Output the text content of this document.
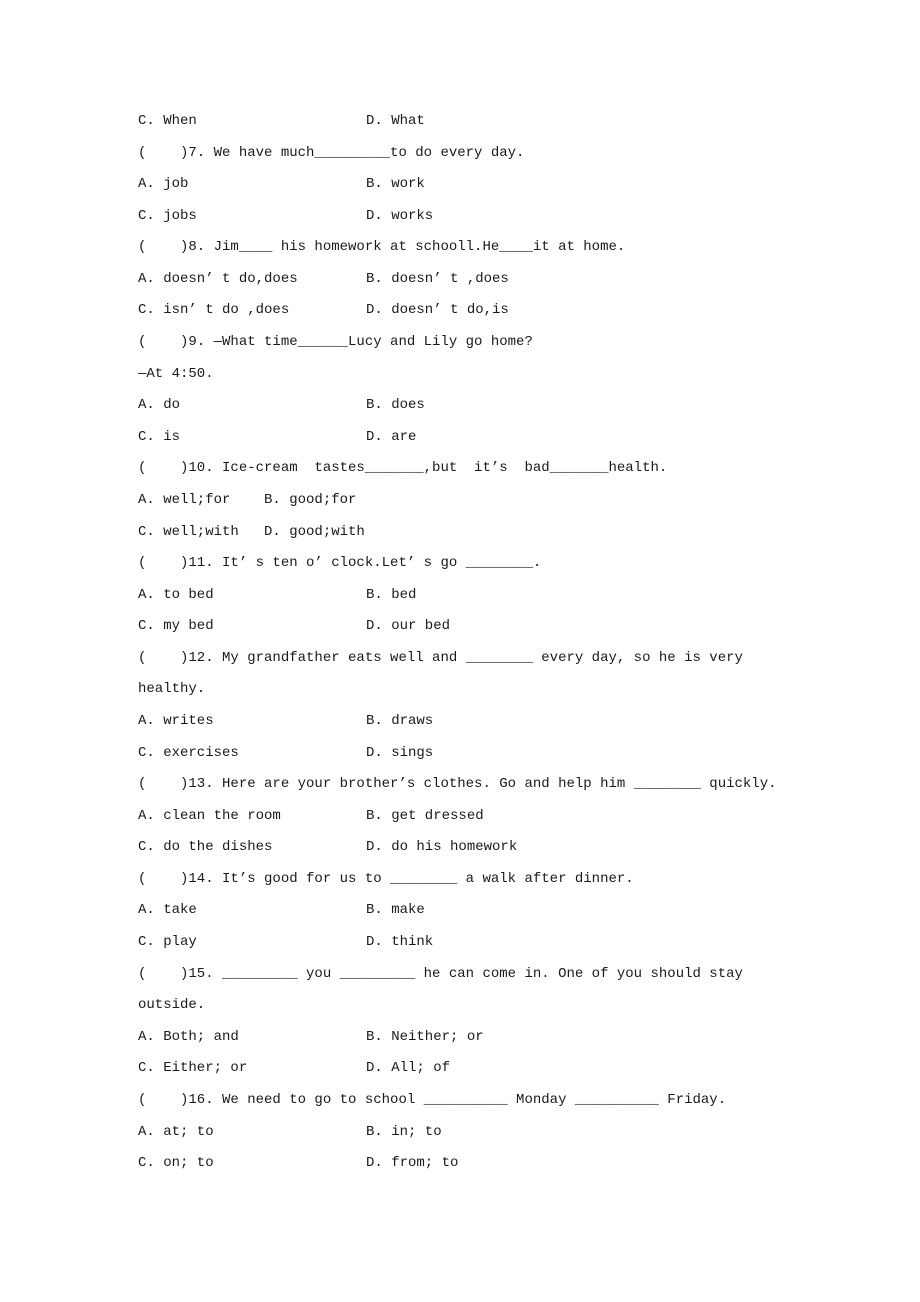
C. When	D. What
(    )7. We have much_________to do every day.
A. job	B. work
C. jobs	D. works
(    )8. Jim____ his homework at schooll.He____it at home.
A. doesn’ t do,does	B. doesn’ t ,does
C. isn’ t do ,does	D. doesn’ t do,is
(    )9. —What time______Lucy and Lily go home?
—At 4:50.
A. do	B. does
C. is	D. are
(    )10. Ice-cream  tastes_______,but  it’s  bad_______health.
A. well;for    B. good;for
C. well;with   D. good;with
(    )11. It’ s ten o’ clock.Let’ s go ________.
A. to bed	B. bed
C. my bed	D. our bed
(    )12. My grandfather eats well and ________ every day, so he is very
healthy.
A. writes	B. draws
C. exercises	D. sings
(    )13. Here are your brother’s clothes. Go and help him ________ quickly.
A. clean the room	B. get dressed
C. do the dishes	D. do his homework
(    )14. It’s good for us to ________ a walk after dinner.
A. take	B. make
C. play	D. think
(    )15. _________ you _________ he can come in. One of you should stay
outside.
A. Both; and	B. Neither; or
C. Either; or	D. All; of
(    )16. We need to go to school __________ Monday __________ Friday.
A. at; to	B. in; to
C. on; to	D. from; to
